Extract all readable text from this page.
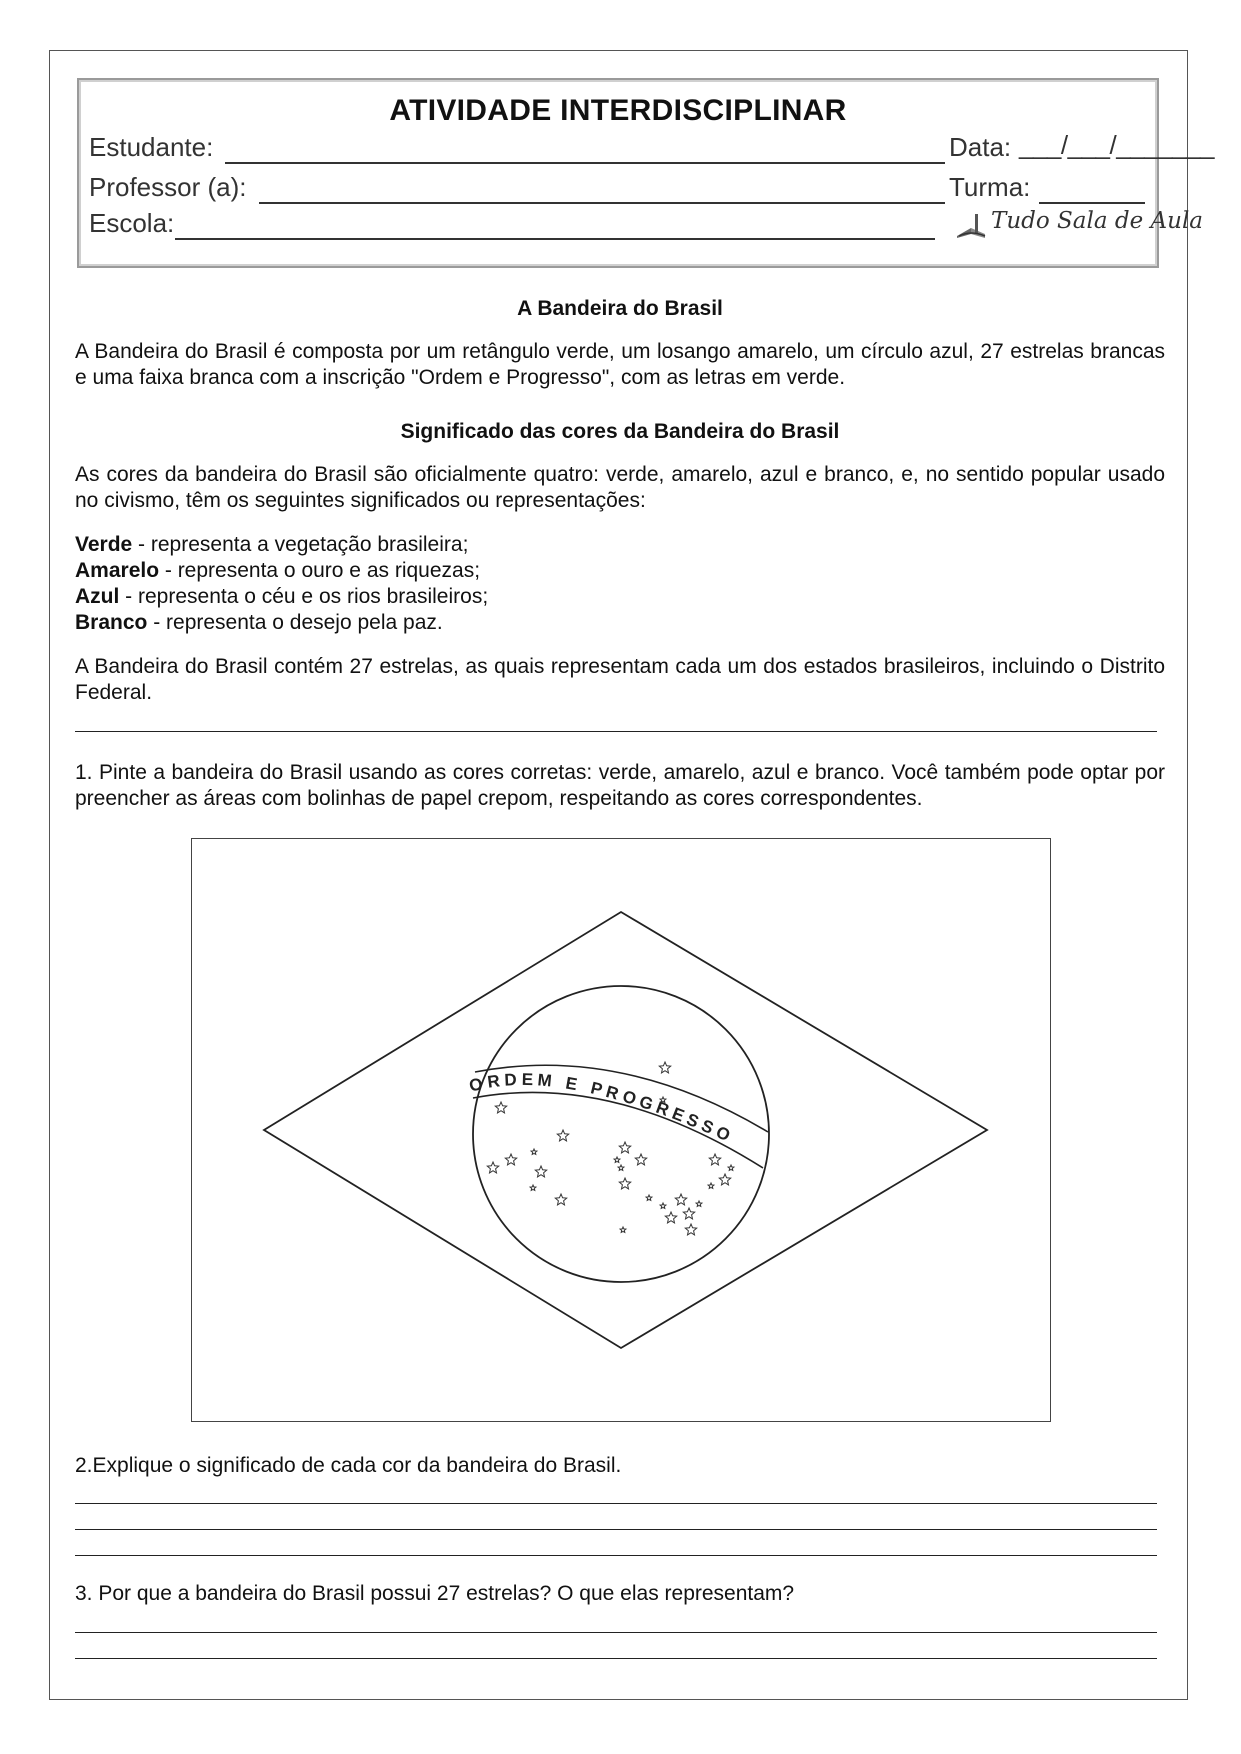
ATIVIDADE INTERDISCIPLINAR
Estudante:	Data: ___/___/_______
Professor (a):	Turma:
Escola:	Tudo Sala de Aula
A Bandeira do Brasil
A Bandeira do Brasil é composta por um retângulo verde, um losango amarelo, um círculo azul, 27 estrelas brancas e uma faixa branca com a inscrição "Ordem e Progresso", com as letras em verde.
Significado das cores da Bandeira do Brasil
As cores da bandeira do Brasil são oficialmente quatro: verde, amarelo, azul e branco, e, no sentido popular usado no civismo, têm os seguintes significados ou representações:
Verde - representa a vegetação brasileira;
Amarelo - representa o ouro e as riquezas;
Azul - representa o céu e os rios brasileiros;
Branco - representa o desejo pela paz.
A Bandeira do Brasil contém 27 estrelas, as quais representam cada um dos estados brasileiros, incluindo o Distrito Federal.
1. Pinte a bandeira do Brasil usando as cores corretas: verde, amarelo, azul e branco. Você também pode optar por preencher as áreas com bolinhas de papel crepom, respeitando as cores correspondentes.
ORDEM E PROGRESSO
2.Explique o significado de cada cor da bandeira do Brasil.
3. Por que a bandeira do Brasil possui 27 estrelas? O que elas representam?
